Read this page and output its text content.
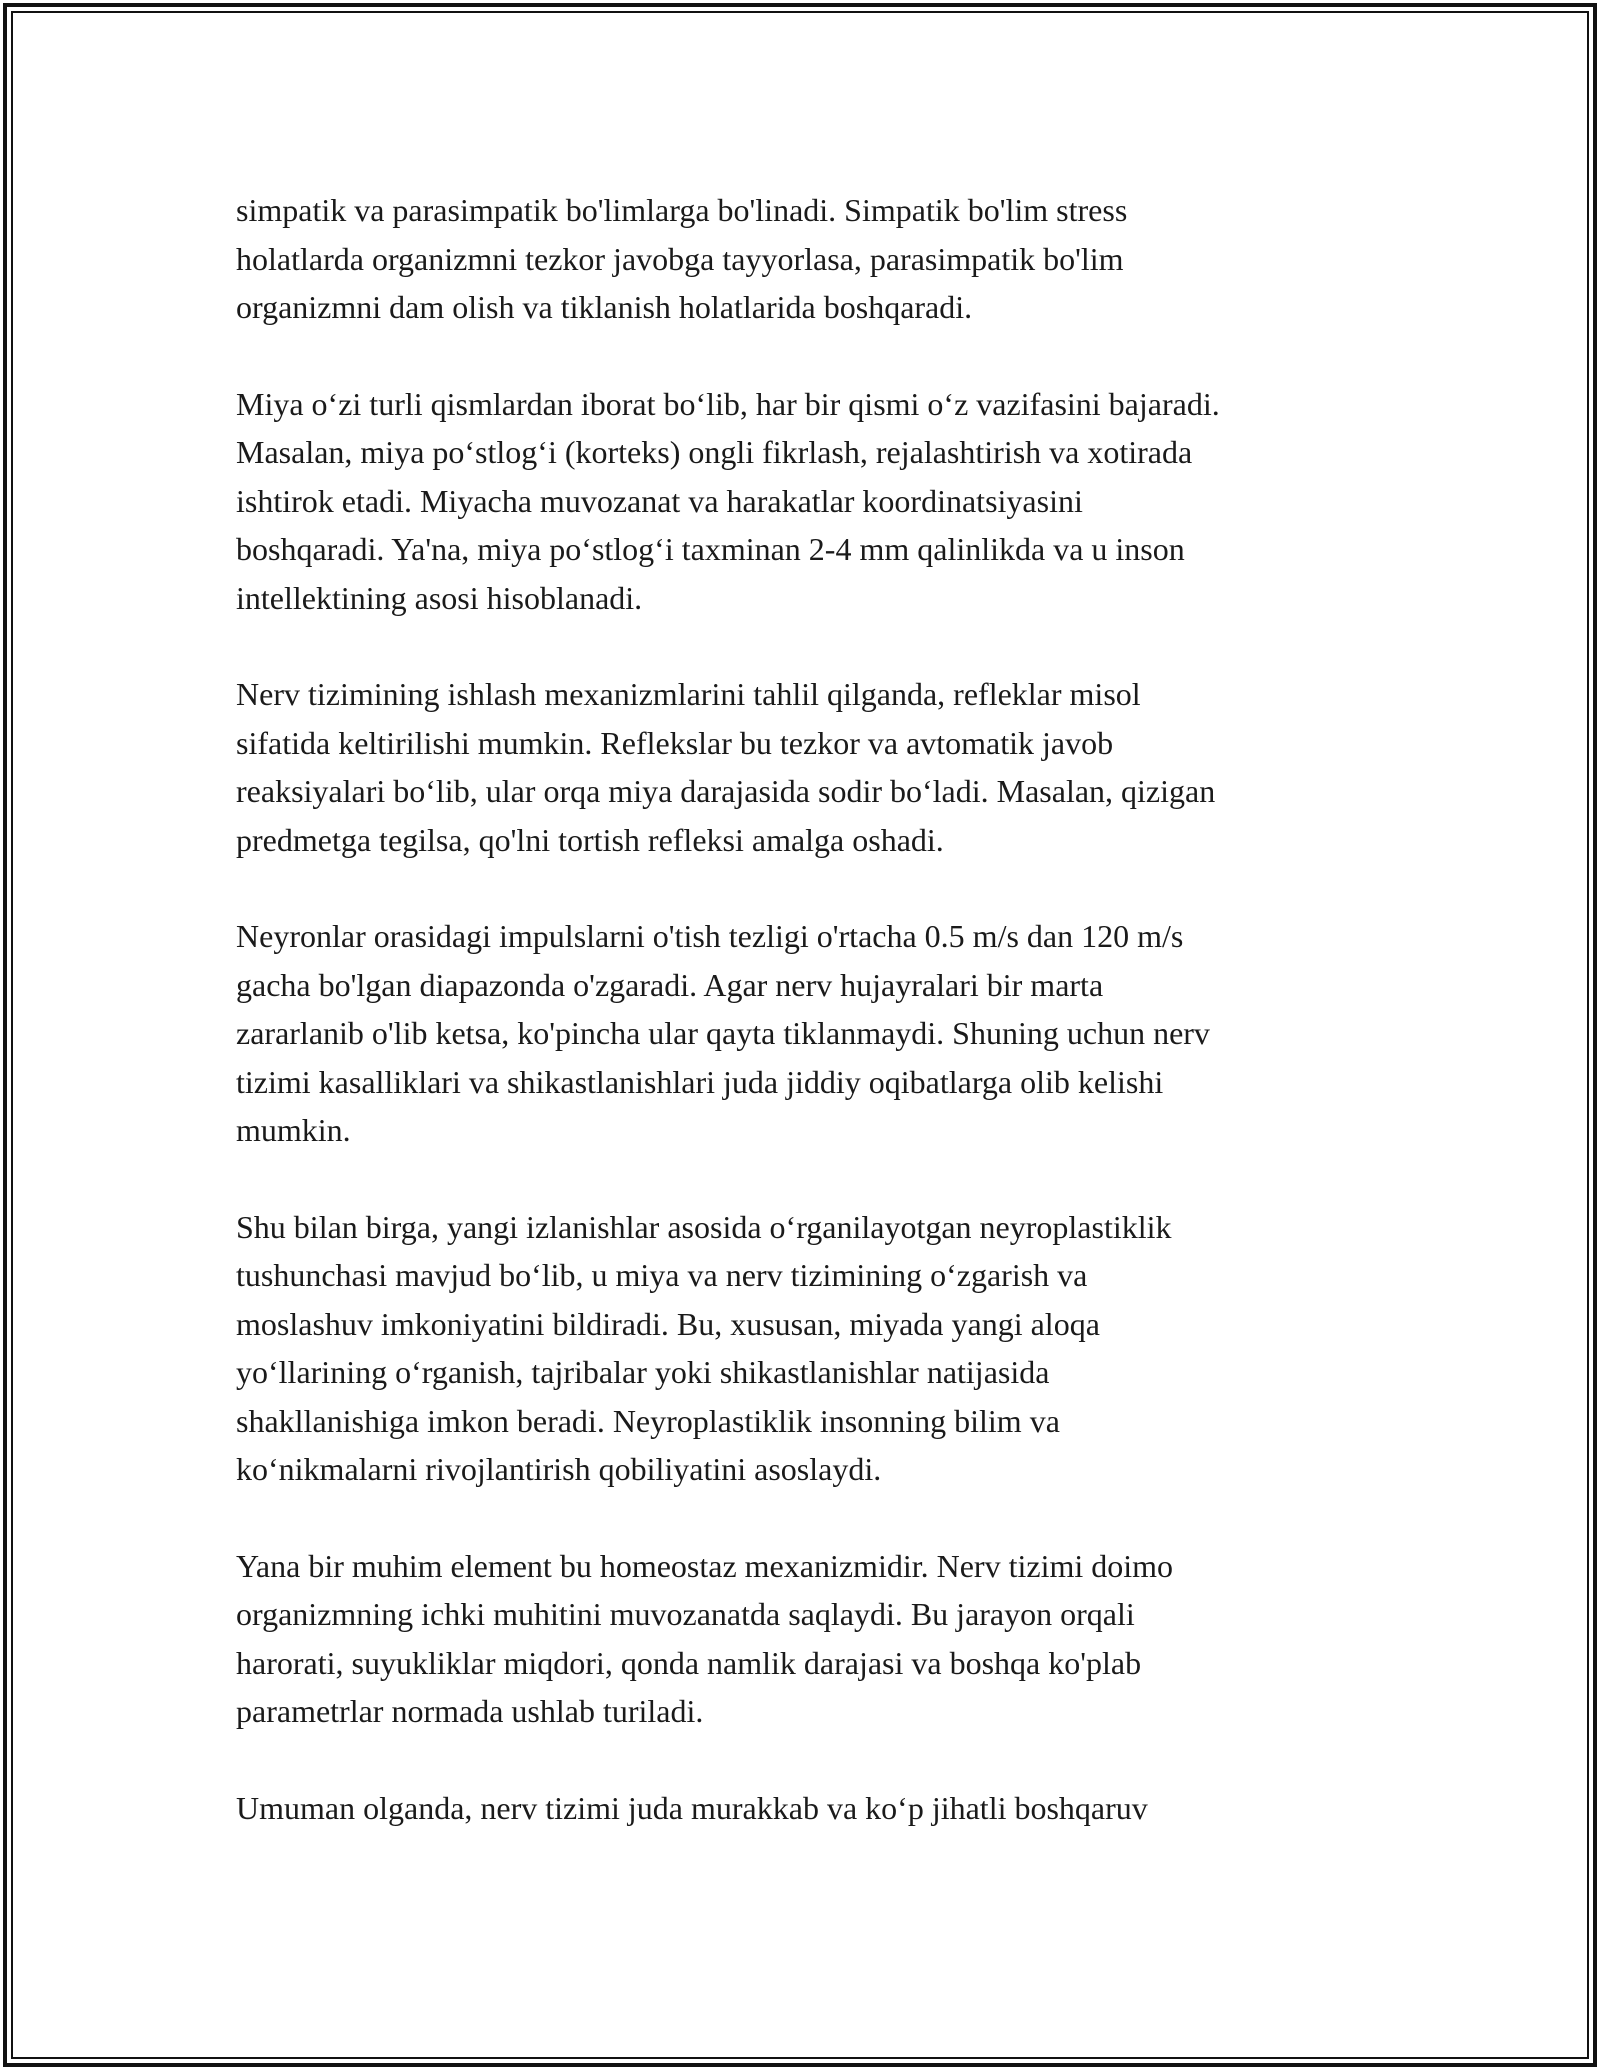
simpatik va parasimpatik bo'limlarga bo'linadi. Simpatik bo'lim stress
holatlarda organizmni tezkor javobga tayyorlasa, parasimpatik bo'lim
organizmni dam olish va tiklanish holatlarida boshqaradi.
Miya o‘zi turli qismlardan iborat bo‘lib, har bir qismi o‘z vazifasini bajaradi.
Masalan, miya po‘stlog‘i (korteks) ongli fikrlash, rejalashtirish va xotirada
ishtirok etadi. Miyacha muvozanat va harakatlar koordinatsiyasini
boshqaradi. Ya'na, miya po‘stlog‘i taxminan 2-4 mm qalinlikda va u inson
intellektining asosi hisoblanadi.
Nerv tizimining ishlash mexanizmlarini tahlil qilganda, refleklar misol
sifatida keltirilishi mumkin. Reflekslar bu tezkor va avtomatik javob
reaksiyalari bo‘lib, ular orqa miya darajasida sodir bo‘ladi. Masalan, qizigan
predmetga tegilsa, qo'lni tortish refleksi amalga oshadi.
Neyronlar orasidagi impulslarni o'tish tezligi o'rtacha 0.5 m/s dan 120 m/s
gacha bo'lgan diapazonda o'zgaradi. Agar nerv hujayralari bir marta
zararlanib o'lib ketsa, ko'pincha ular qayta tiklanmaydi. Shuning uchun nerv
tizimi kasalliklari va shikastlanishlari juda jiddiy oqibatlarga olib kelishi
mumkin.
Shu bilan birga, yangi izlanishlar asosida o‘rganilayotgan neyroplastiklik
tushunchasi mavjud bo‘lib, u miya va nerv tizimining o‘zgarish va
moslashuv imkoniyatini bildiradi. Bu, xususan, miyada yangi aloqa
yo‘llarining o‘rganish, tajribalar yoki shikastlanishlar natijasida
shakllanishiga imkon beradi. Neyroplastiklik insonning bilim va
ko‘nikmalarni rivojlantirish qobiliyatini asoslaydi.
Yana bir muhim element bu homeostaz mexanizmidir. Nerv tizimi doimo
organizmning ichki muhitini muvozanatda saqlaydi. Bu jarayon orqali
harorati, suyukliklar miqdori, qonda namlik darajasi va boshqa ko'plab
parametrlar normada ushlab turiladi.
Umuman olganda, nerv tizimi juda murakkab va ko‘p jihatli boshqaruv
